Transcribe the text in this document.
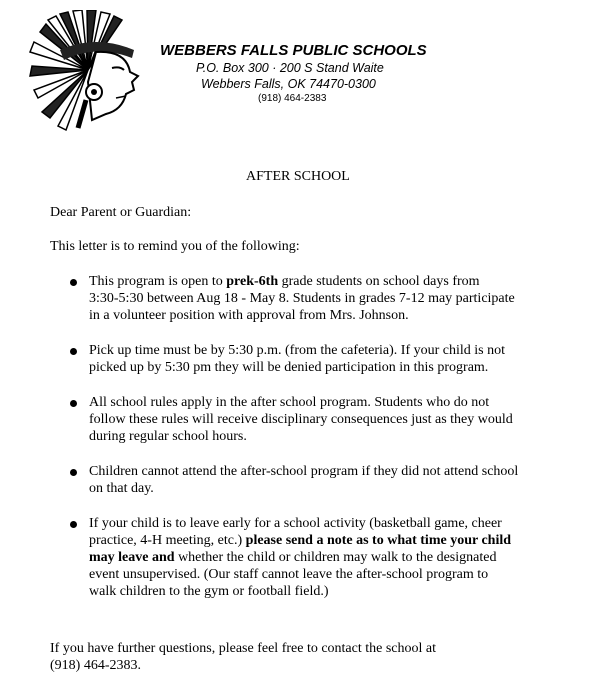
WEBBERS FALLS PUBLIC SCHOOLS
P.O. Box 300 · 200 S Stand Waite
Webbers Falls, OK 74470-0300
(918) 464-2383
AFTER SCHOOL
Dear Parent or Guardian:
This letter is to remind you of the following:
This program is open to prek-6th grade students on school days from
3:30-5:30 between Aug 18 - May 8. Students in grades 7-12 may participate
in a volunteer position with approval from Mrs. Johnson.
Pick up time must be by 5:30 p.m. (from the cafeteria). If your child is not
picked up by 5:30 pm they will be denied participation in this program.
All school rules apply in the after school program. Students who do not
follow these rules will receive disciplinary consequences just as they would
during regular school hours.
Children cannot attend the after-school program if they did not attend school
on that day.
If your child is to leave early for a school activity (basketball game, cheer
practice, 4-H meeting, etc.) please send a note as to what time your child
may leave and whether the child or children may walk to the designated
event unsupervised. (Our staff cannot leave the after-school program to
walk children to the gym or football field.)
If you have further questions, please feel free to contact the school at
(918) 464-2383.
